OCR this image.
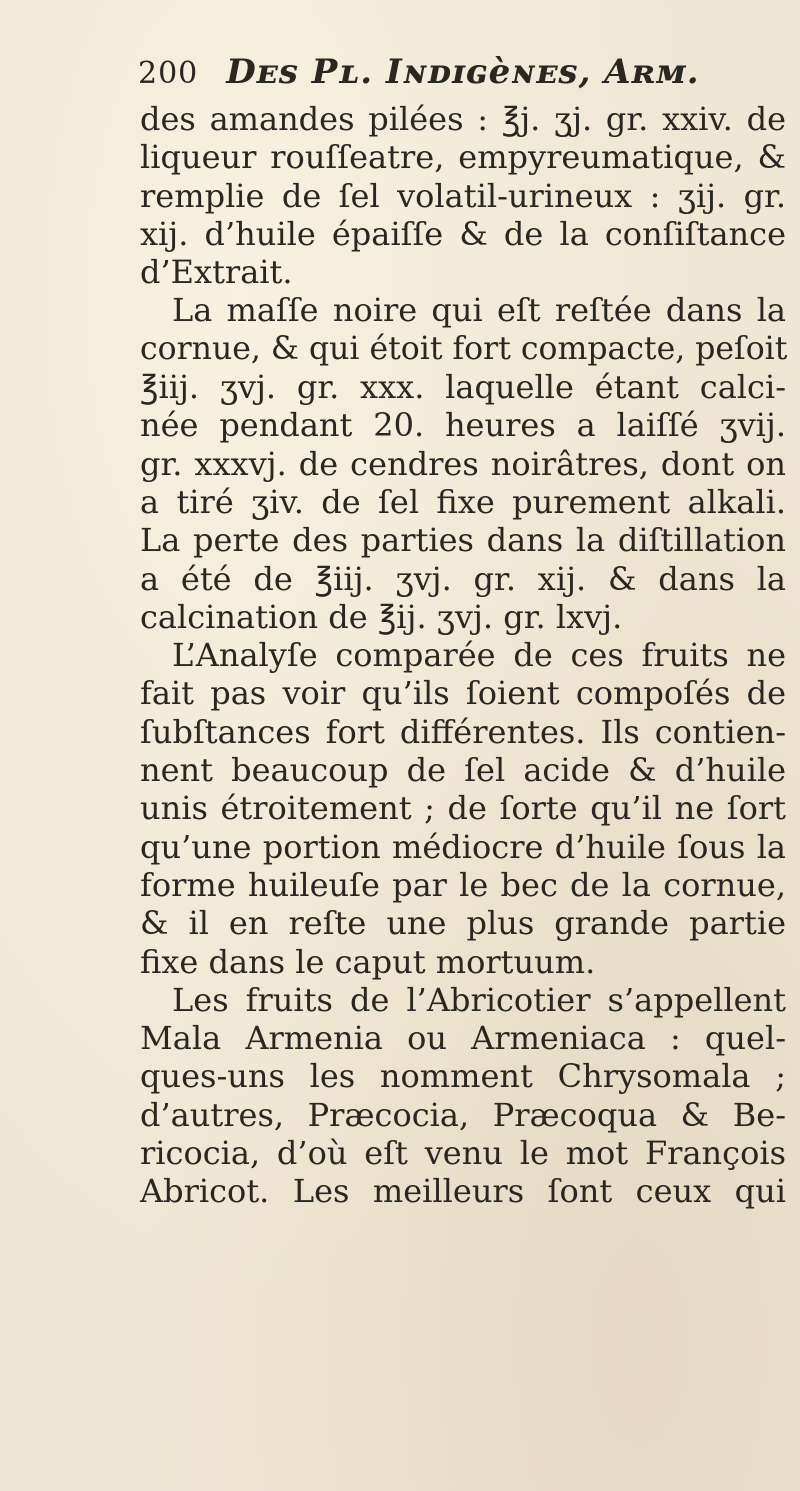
200 Dᴇs Pʟ. Iɴᴅɪɢèɴᴇs, Aʀᴍ.
des amandes pilées : ℥j. ʒj. gr. xxiv. de
liqueur rouſſeatre, empyreumatique, &
remplie de ſel volatil-urineux : ʒij. gr.
xij. d’huile épaiſſe & de la conſiſtance
d’Extrait.
La maſſe noire qui eſt reſtée dans la
cornue, & qui étoit fort compacte, peſoit
℥iij. ʒvj. gr. xxx. laquelle étant calci-
née pendant 20. heures a laiſſé ʒvij.
gr. xxxvj. de cendres noirâtres, dont on
a tiré ʒiv. de ſel fixe purement alkali.
La perte des parties dans la diſtillation
a été de ℥iij. ʒvj. gr. xij. & dans la
calcination de ℥ij. ʒvj. gr. lxvj.
L’Analyſe comparée de ces fruits ne
fait pas voir qu’ils ſoient compoſés de
ſubſtances fort différentes. Ils contien-
nent beaucoup de ſel acide & d’huile
unis étroitement ; de ſorte qu’il ne ſort
qu’une portion médiocre d’huile ſous la
forme huileuſe par le bec de la cornue,
& il en reſte une plus grande partie
fixe dans le caput mortuum.
Les fruits de l’Abricotier s’appellent
Mala Armenia ou Armeniaca : quel-
ques-uns les nomment Chrysomala ;
d’autres, Præcocia, Præcoqua & Be-
ricocia, d’où eſt venu le mot François
Abricot. Les meilleurs ſont ceux qui
